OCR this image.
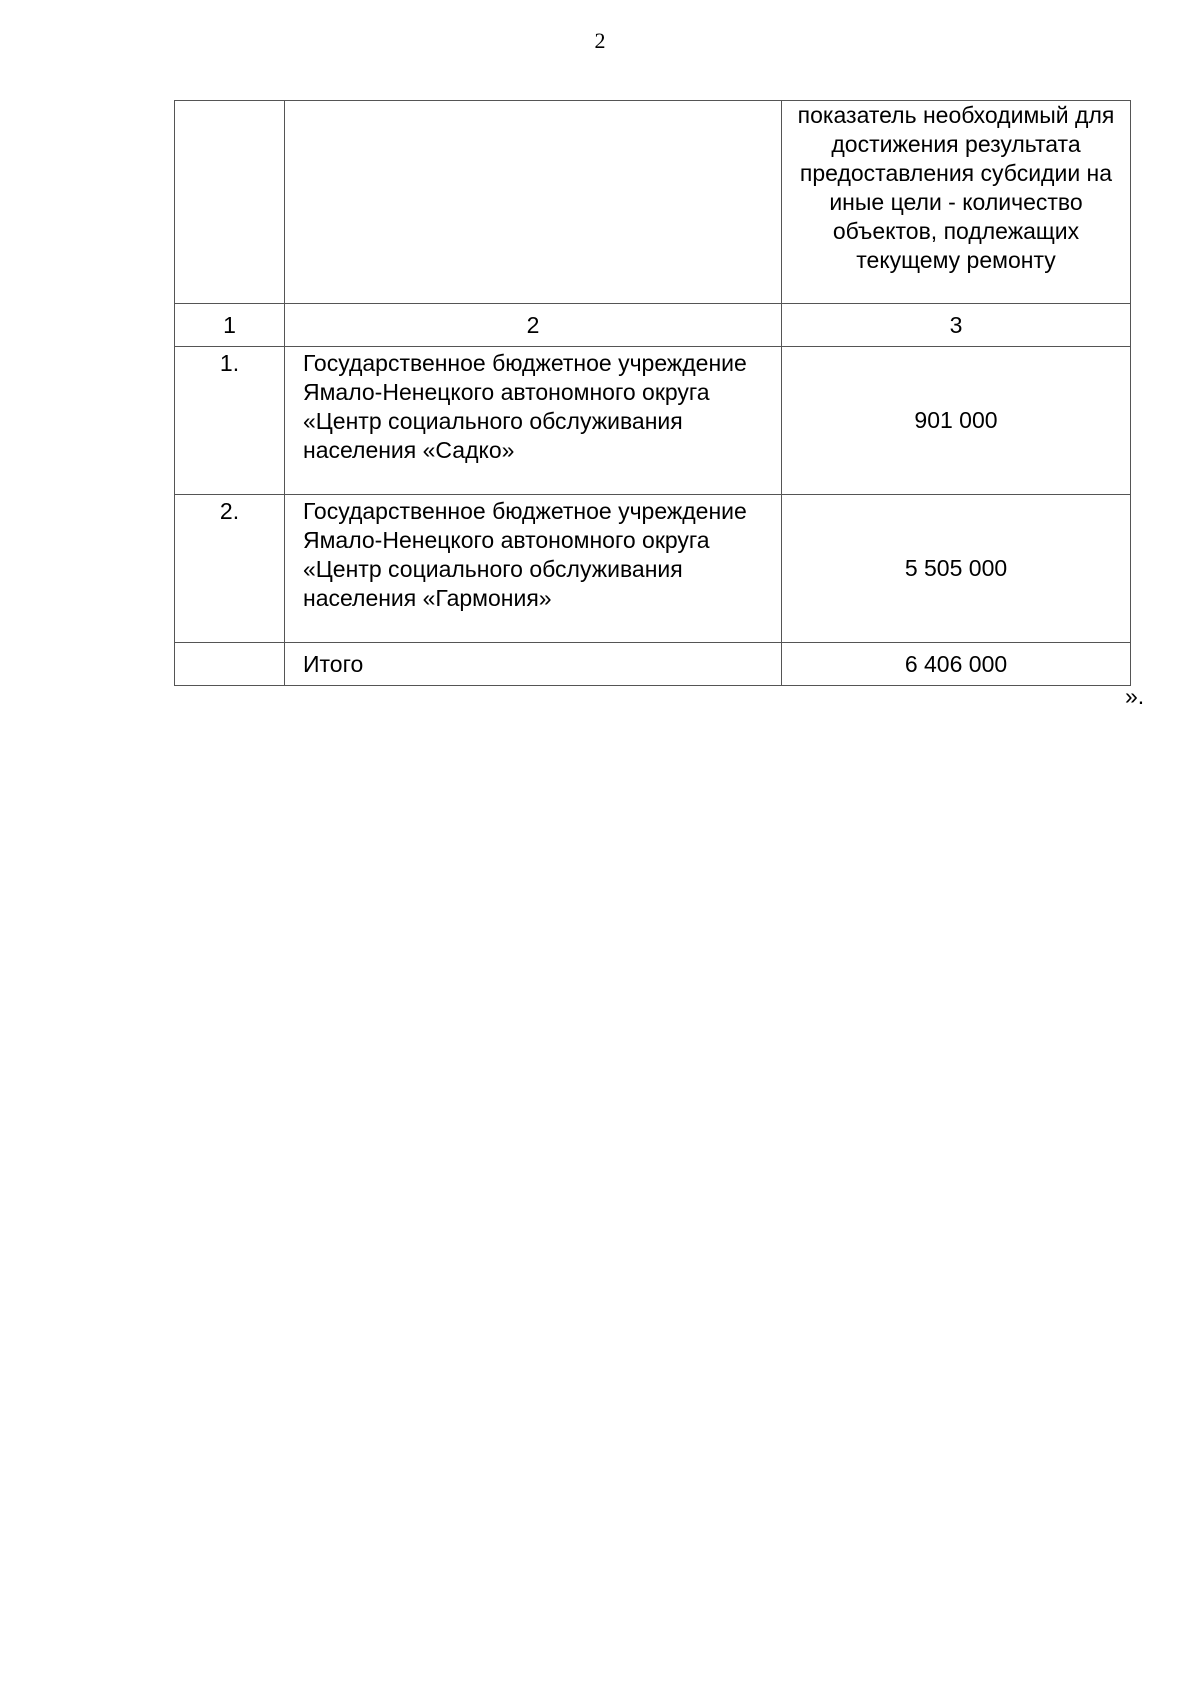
2
		показатель необходимый для достижения результата предоставления субсидии на иные цели - количество объектов, подлежащих текущему ремонту
1	2	3
1.	Государственное бюджетное учреждение Ямало-Ненецкого автономного округа «Центр социального обслуживания населения «Садко»	901 000
2.	Государственное бюджетное учреждение Ямало-Ненецкого автономного округа «Центр социального обслуживания населения «Гармония»	5 505 000
	Итого	6 406 000
».
